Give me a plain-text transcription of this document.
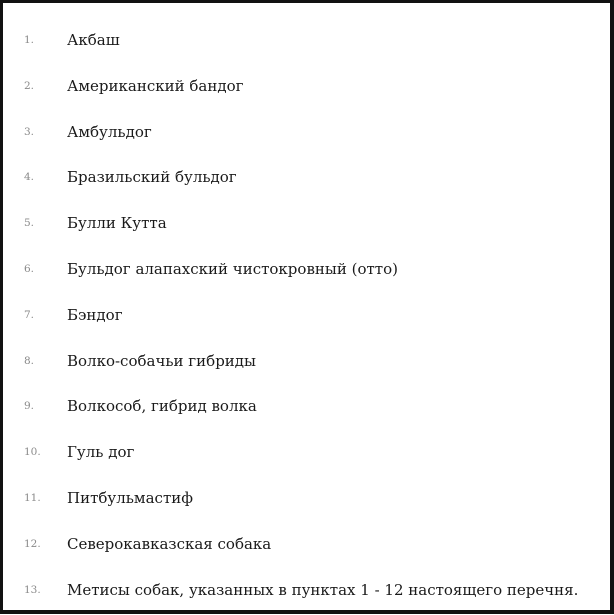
1.	Акбаш
2.	Американский бандог
3.	Амбульдог
4.	Бразильский бульдог
5.	Булли Кутта
6.	Бульдог алапахский чистокровный (отто)
7.	Бэндог
8.	Волко-собачьи гибриды
9.	Волкособ, гибрид волка
10.	Гуль дог
11.	Питбульмастиф
12.	Северокавказская собака
13.	Метисы собак, указанных в пунктах 1 - 12 настоящего перечня.
